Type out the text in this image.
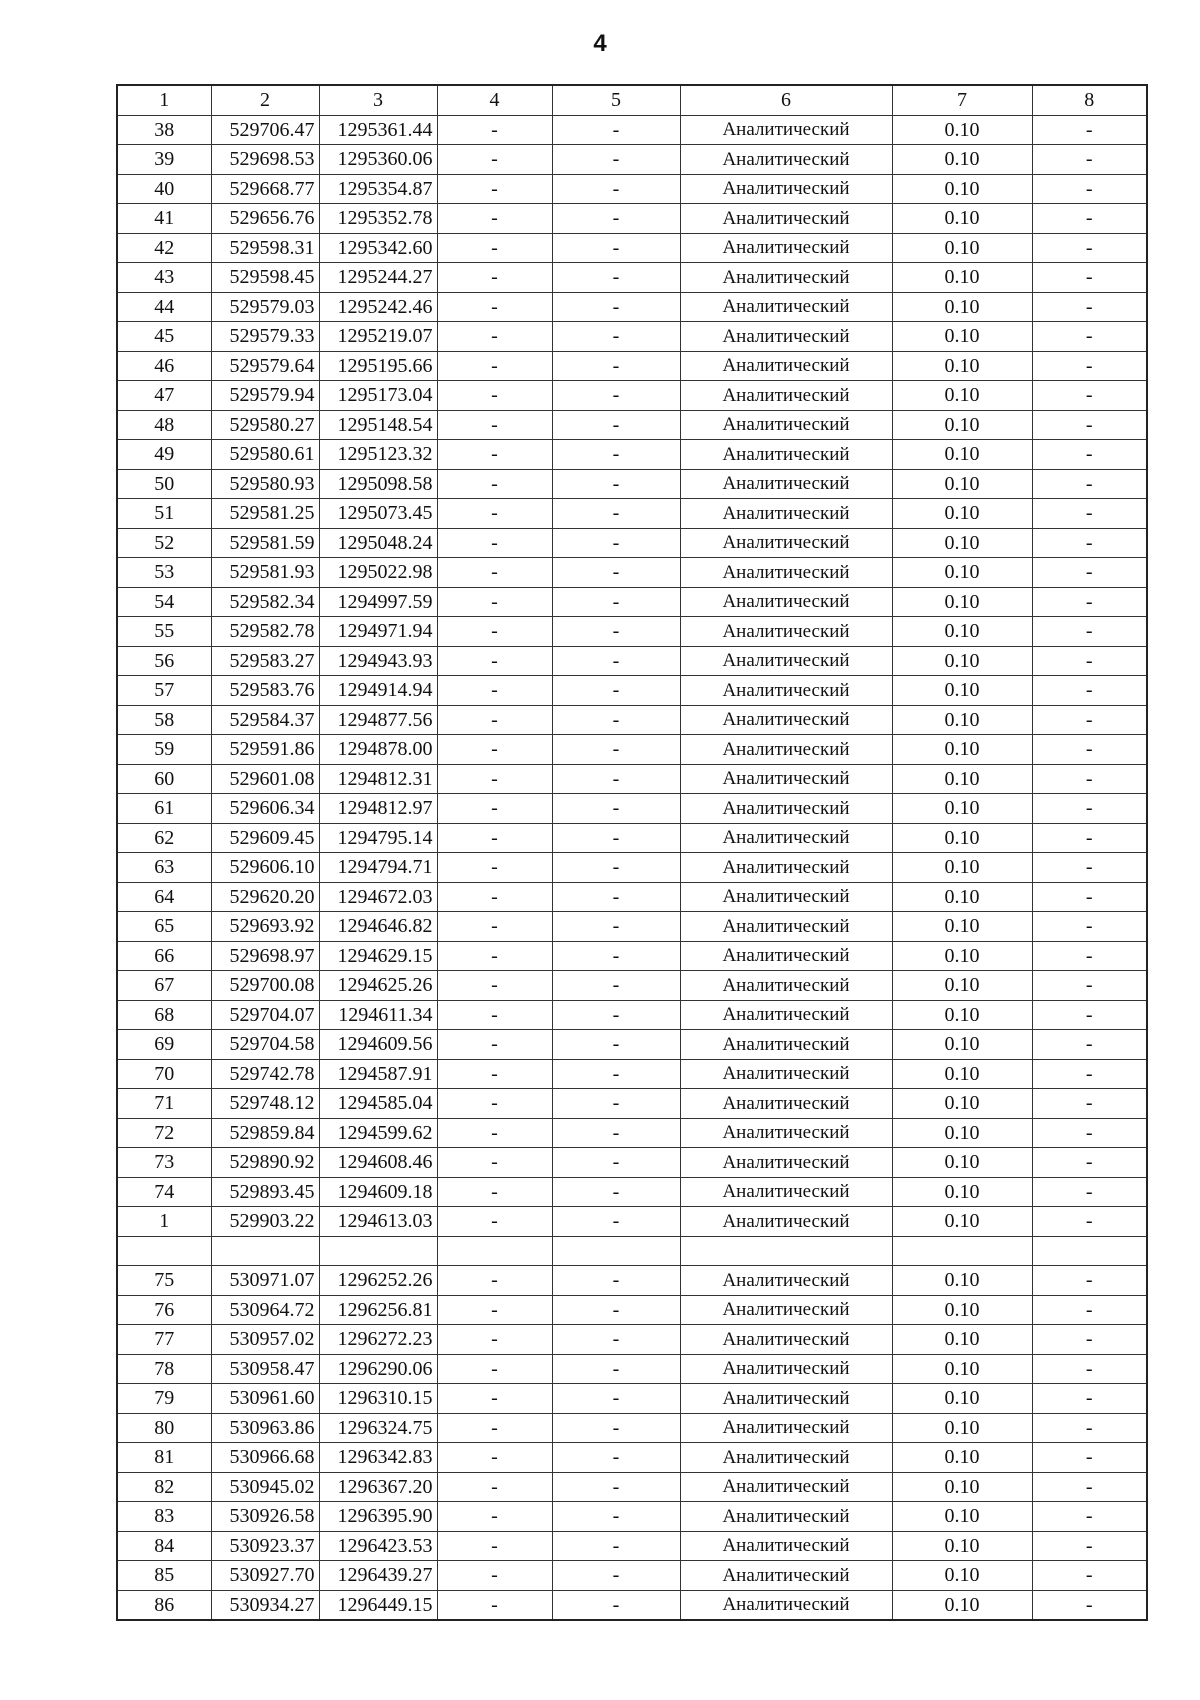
4
1	2	3	4	5	6	7	8
38	529706.47	1295361.44	-	-	Аналитический	0.10	-
39	529698.53	1295360.06	-	-	Аналитический	0.10	-
40	529668.77	1295354.87	-	-	Аналитический	0.10	-
41	529656.76	1295352.78	-	-	Аналитический	0.10	-
42	529598.31	1295342.60	-	-	Аналитический	0.10	-
43	529598.45	1295244.27	-	-	Аналитический	0.10	-
44	529579.03	1295242.46	-	-	Аналитический	0.10	-
45	529579.33	1295219.07	-	-	Аналитический	0.10	-
46	529579.64	1295195.66	-	-	Аналитический	0.10	-
47	529579.94	1295173.04	-	-	Аналитический	0.10	-
48	529580.27	1295148.54	-	-	Аналитический	0.10	-
49	529580.61	1295123.32	-	-	Аналитический	0.10	-
50	529580.93	1295098.58	-	-	Аналитический	0.10	-
51	529581.25	1295073.45	-	-	Аналитический	0.10	-
52	529581.59	1295048.24	-	-	Аналитический	0.10	-
53	529581.93	1295022.98	-	-	Аналитический	0.10	-
54	529582.34	1294997.59	-	-	Аналитический	0.10	-
55	529582.78	1294971.94	-	-	Аналитический	0.10	-
56	529583.27	1294943.93	-	-	Аналитический	0.10	-
57	529583.76	1294914.94	-	-	Аналитический	0.10	-
58	529584.37	1294877.56	-	-	Аналитический	0.10	-
59	529591.86	1294878.00	-	-	Аналитический	0.10	-
60	529601.08	1294812.31	-	-	Аналитический	0.10	-
61	529606.34	1294812.97	-	-	Аналитический	0.10	-
62	529609.45	1294795.14	-	-	Аналитический	0.10	-
63	529606.10	1294794.71	-	-	Аналитический	0.10	-
64	529620.20	1294672.03	-	-	Аналитический	0.10	-
65	529693.92	1294646.82	-	-	Аналитический	0.10	-
66	529698.97	1294629.15	-	-	Аналитический	0.10	-
67	529700.08	1294625.26	-	-	Аналитический	0.10	-
68	529704.07	1294611.34	-	-	Аналитический	0.10	-
69	529704.58	1294609.56	-	-	Аналитический	0.10	-
70	529742.78	1294587.91	-	-	Аналитический	0.10	-
71	529748.12	1294585.04	-	-	Аналитический	0.10	-
72	529859.84	1294599.62	-	-	Аналитический	0.10	-
73	529890.92	1294608.46	-	-	Аналитический	0.10	-
74	529893.45	1294609.18	-	-	Аналитический	0.10	-
1	529903.22	1294613.03	-	-	Аналитический	0.10	-

75	530971.07	1296252.26	-	-	Аналитический	0.10	-
76	530964.72	1296256.81	-	-	Аналитический	0.10	-
77	530957.02	1296272.23	-	-	Аналитический	0.10	-
78	530958.47	1296290.06	-	-	Аналитический	0.10	-
79	530961.60	1296310.15	-	-	Аналитический	0.10	-
80	530963.86	1296324.75	-	-	Аналитический	0.10	-
81	530966.68	1296342.83	-	-	Аналитический	0.10	-
82	530945.02	1296367.20	-	-	Аналитический	0.10	-
83	530926.58	1296395.90	-	-	Аналитический	0.10	-
84	530923.37	1296423.53	-	-	Аналитический	0.10	-
85	530927.70	1296439.27	-	-	Аналитический	0.10	-
86	530934.27	1296449.15	-	-	Аналитический	0.10	-
